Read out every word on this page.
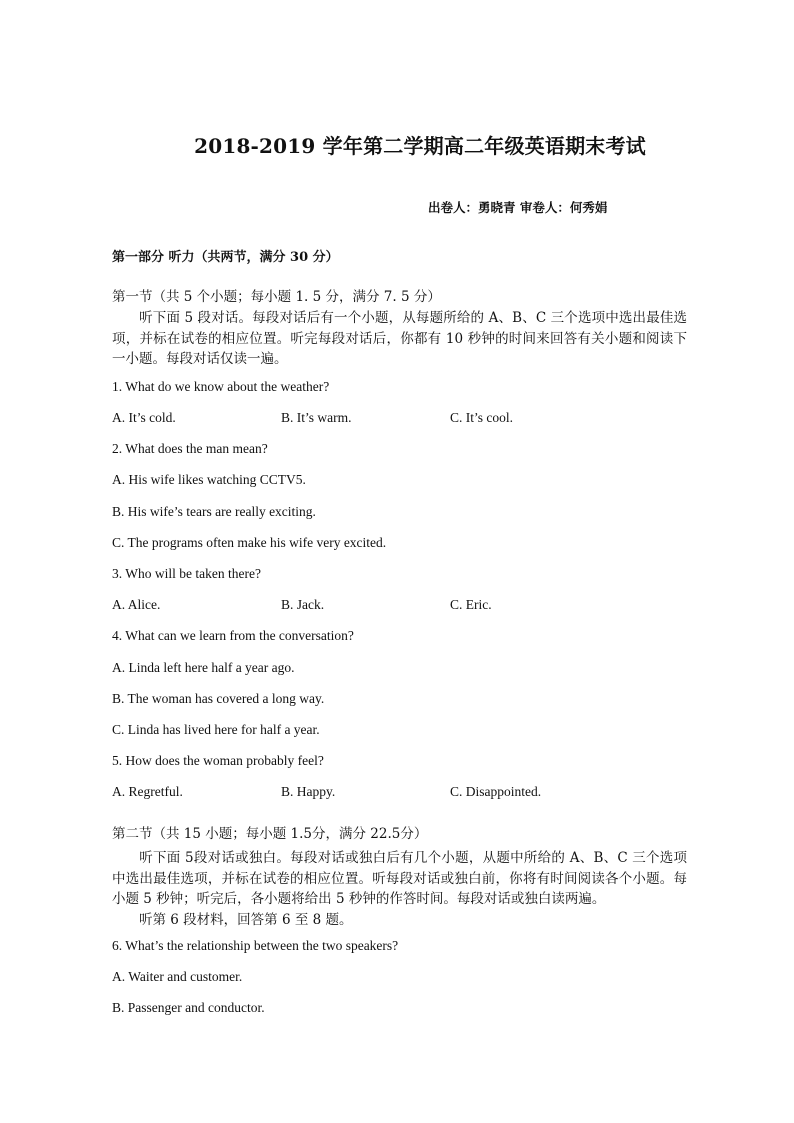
2018-2019 学年第二学期高二年级英语期末考试
出卷人：勇晓青 审卷人：何秀娟
第一部分 听力（共两节，满分 30 分）
第一节（共 5 个小题；每小题 1. 5 分，满分 7. 5 分）
听下面 5 段对话。每段对话后有一个小题，从每题所给的 A、B、C 三个选项中选出最佳选项，并标在试卷的相应位置。听完每段对话后，你都有 10 秒钟的时间来回答有关小题和阅读下一小题。每段对话仅读一遍。
1. What do we know about the weather?
A. It’s cold.	B. It’s warm.	C. It’s cool.
2. What does the man mean?
A. His wife likes watching CCTV5.
B. His wife’s tears are really exciting.
C. The programs often make his wife very excited.
3. Who will be taken there?
A. Alice.	B. Jack.	C. Eric.
4. What can we learn from the conversation?
A. Linda left here half a year ago.
B. The woman has covered a long way.
C. Linda has lived here for half a year.
5. How does the woman probably feel?
A. Regretful.	B. Happy.	C. Disappointed.
第二节（共 15 小题；每小题 1.5分，满分 22.5分）
听下面 5段对话或独白。每段对话或独白后有几个小题，从题中所给的 A、B、C 三个选项中选出最佳选项，并标在试卷的相应位置。听每段对话或独白前，你将有时间阅读各个小题。每小题 5 秒钟；听完后，各小题将给出 5 秒钟的作答时间。每段对话或独白读两遍。
听第 6 段材料，回答第 6 至 8 题。
6. What’s the relationship between the two speakers?
A. Waiter and customer.
B. Passenger and conductor.
